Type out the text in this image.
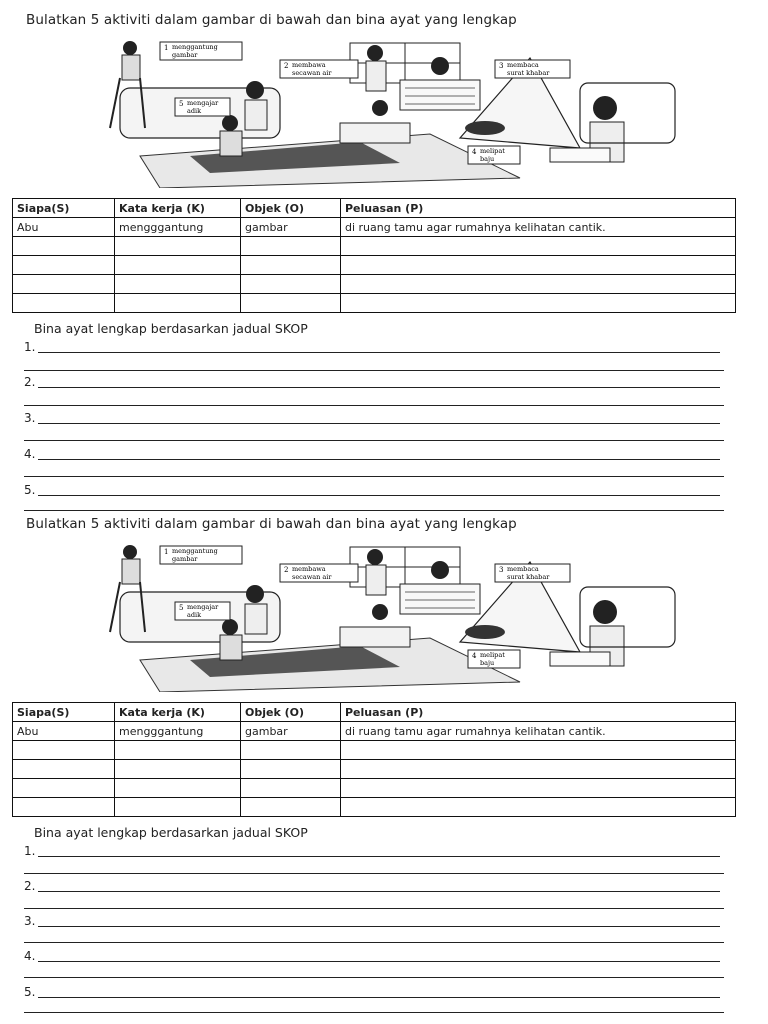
Bulatkan 5 aktiviti dalam gambar di bawah dan bina ayat yang lengkap
1 menggantung
gambar
2 membawa
secawan air
3 membaca
surat khabar
4 melipat
baju
5 mengajar
adik
Siapa(S)	Kata kerja (K)	Objek (O)	Peluasan (P)
Abu	mengggantung	gambar	di ruang tamu agar rumahnya kelihatan cantik.

Bina ayat lengkap berdasarkan jadual SKOP
1.
2.
3.
4.
5.
Bulatkan 5 aktiviti dalam gambar di bawah dan bina ayat yang lengkap
1 menggantung
gambar
2 membawa
secawan air
3 membaca
surat khabar
4 melipat
baju
5 mengajar
adik
Siapa(S)	Kata kerja (K)	Objek (O)	Peluasan (P)
Abu	mengggantung	gambar	di ruang tamu agar rumahnya kelihatan cantik.

Bina ayat lengkap berdasarkan jadual SKOP
1.
2.
3.
4.
5.
